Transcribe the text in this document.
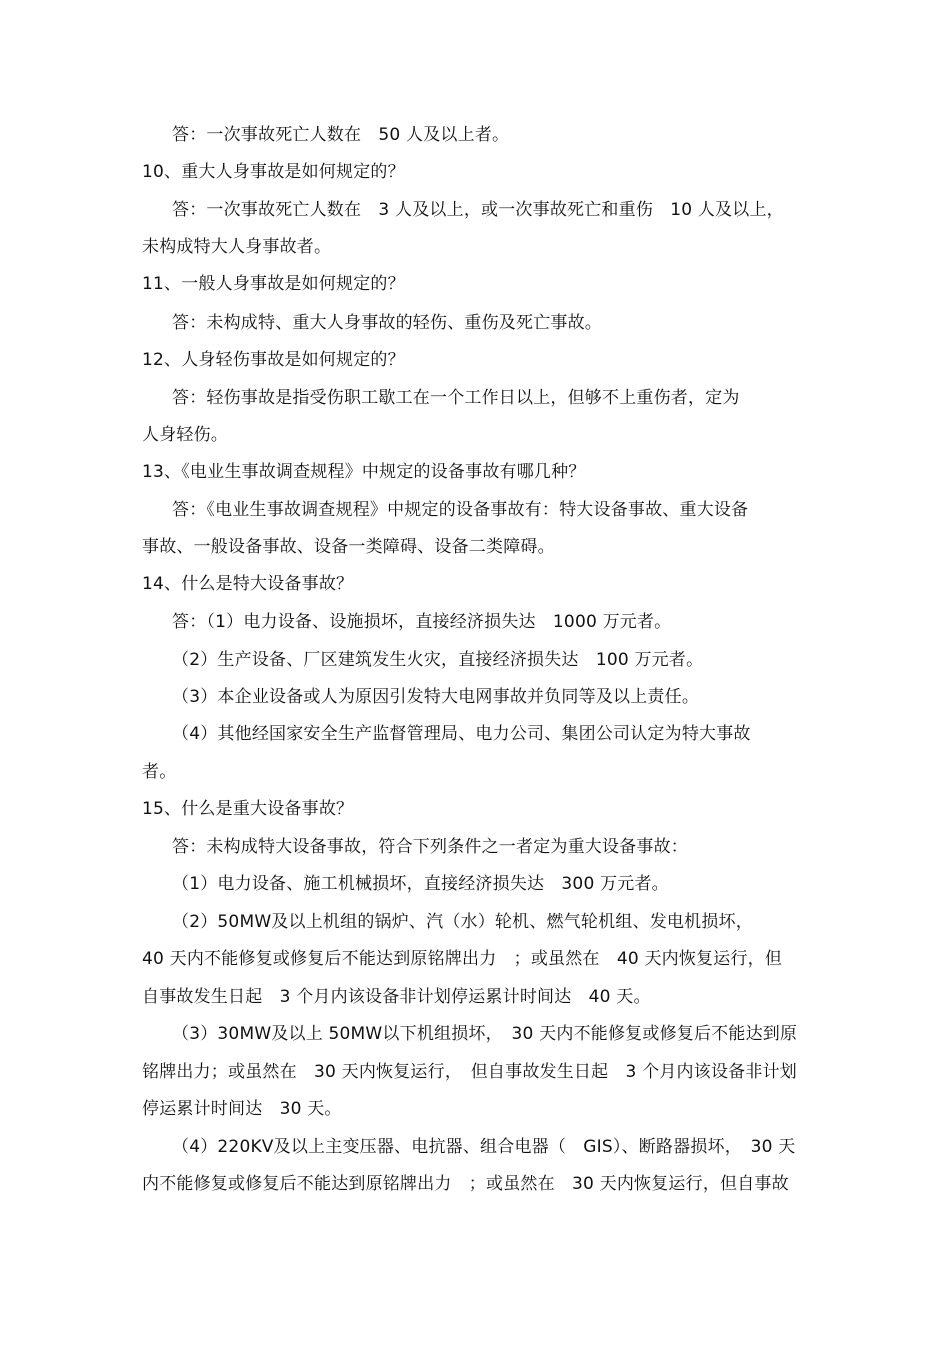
答：一次事故死亡人数在　50 人及以上者。
10、重大人身事故是如何规定的？
答：一次事故死亡人数在　3 人及以上，或一次事故死亡和重伤　10 人及以上，
未构成特大人身事故者。
11、一般人身事故是如何规定的？
答：未构成特、重大人身事故的轻伤、重伤及死亡事故。
12、人身轻伤事故是如何规定的？
答：轻伤事故是指受伤职工歇工在一个工作日以上，但够不上重伤者，定为
人身轻伤。
13、《电业生事故调查规程》中规定的设备事故有哪几种？
答：《电业生事故调查规程》中规定的设备事故有：特大设备事故、重大设备
事故、一般设备事故、设备一类障碍、设备二类障碍。
14、什么是特大设备事故？
答：（1）电力设备、设施损坏，直接经济损失达　1000 万元者。
（2）生产设备、厂区建筑发生火灾，直接经济损失达　100 万元者。
（3）本企业设备或人为原因引发特大电网事故并负同等及以上责任。
（4）其他经国家安全生产监督管理局、电力公司、集团公司认定为特大事故
者。
15、什么是重大设备事故？
答：未构成特大设备事故，符合下列条件之一者定为重大设备事故：
（1）电力设备、施工机械损坏，直接经济损失达　300 万元者。
（2）50MW及以上机组的锅炉、汽（水）轮机、燃气轮机组、发电机损坏，
40 天内不能修复或修复后不能达到原铭牌出力　；或虽然在　40 天内恢复运行，但
自事故发生日起　3 个月内该设备非计划停运累计时间达　40 天。
（3）30MW及以上 50MW以下机组损坏，　30 天内不能修复或修复后不能达到原
铭牌出力；或虽然在　30 天内恢复运行，　但自事故发生日起　3 个月内该设备非计划
停运累计时间达　30 天。
（4）220KV及以上主变压器、电抗器、组合电器（　GIS）、断路器损坏，　30 天
内不能修复或修复后不能达到原铭牌出力　；或虽然在　30 天内恢复运行，但自事故
